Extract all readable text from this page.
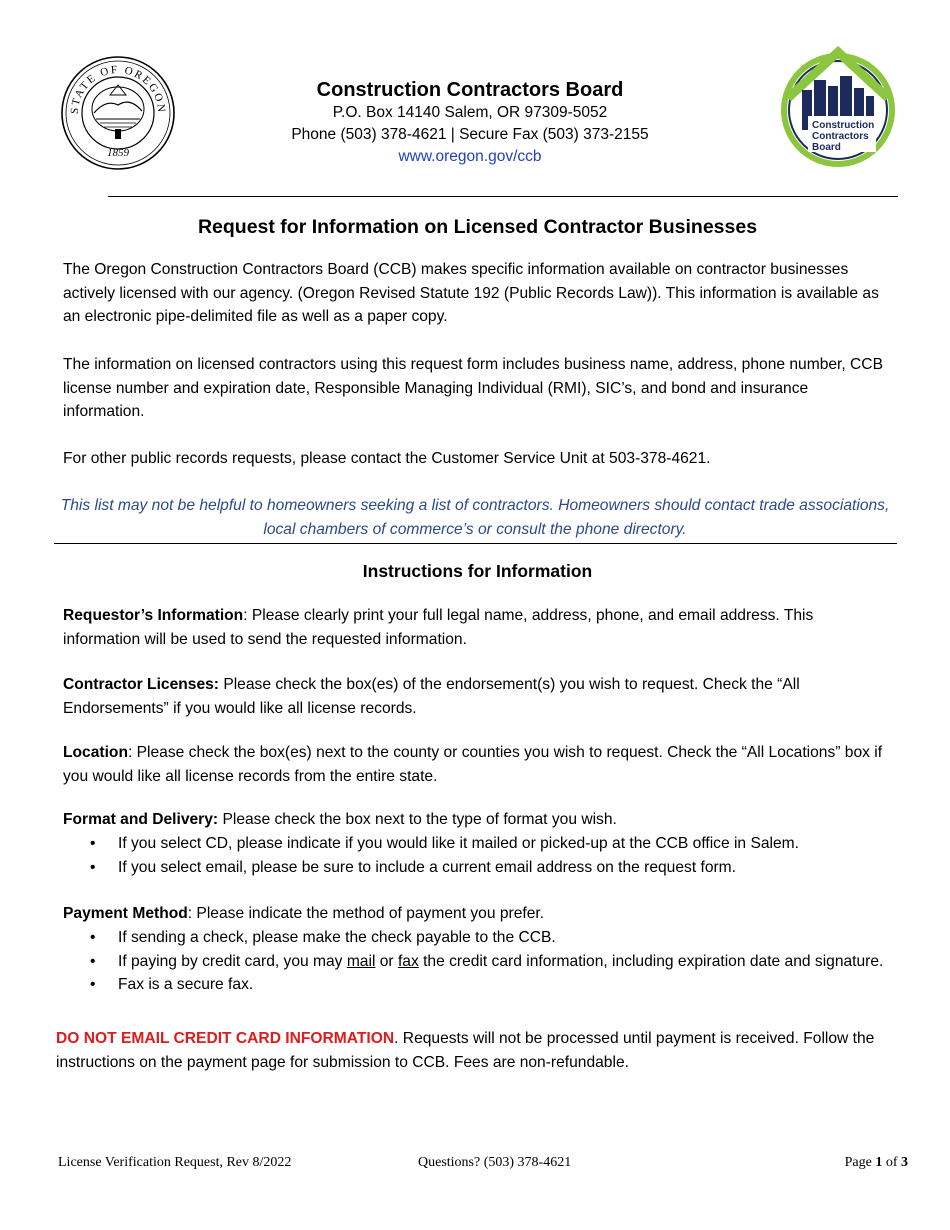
STATE OF OREGON
1859
Construction Contractors Board
P.O. Box 14140 Salem, OR 97309-5052
Phone (503) 378-4621 | Secure Fax (503) 373-2155
www.oregon.gov/ccb
Construction
Contractors
Board
Request for Information on Licensed Contractor Businesses

The Oregon Construction Contractors Board (CCB) makes specific information available on contractor businesses actively licensed with our agency. (Oregon Revised Statute 192 (Public Records Law)). This information is available as an electronic pipe-delimited file as well as a paper copy.

The information on licensed contractors using this request form includes business name, address, phone number, CCB license number and expiration date, Responsible Managing Individual (RMI), SIC’s, and bond and insurance information.

For other public records requests, please contact the Customer Service Unit at 503-378-4621.

This list may not be helpful to homeowners seeking a list of contractors. Homeowners should contact trade associations, local chambers of commerce’s or consult the phone directory.
Instructions for Information

Requestor’s Information: Please clearly print your full legal name, address, phone, and email address. This information will be used to send the requested information.

Contractor Licenses: Please check the box(es) of the endorsement(s) you wish to request. Check the “All Endorsements” if you would like all license records.

Location: Please check the box(es) next to the county or counties you wish to request. Check the “All Locations” box if you would like all license records from the entire state.

Format and Delivery: Please check the box next to the type of format you wish.

• If you select CD, please indicate if you would like it mailed or picked-up at the CCB office in Salem.
• If you select email, please be sure to include a current email address on the request form.

Payment Method: Please indicate the method of payment you prefer.

• If sending a check, please make the check payable to the CCB.
• If paying by credit card, you may mail or fax the credit card information, including expiration date and signature.
• Fax is a secure fax.

DO NOT EMAIL CREDIT CARD INFORMATION. Requests will not be processed until payment is received. Follow the instructions on the payment page for submission to CCB. Fees are non-refundable.

License Verification Request, Rev 8/2022	Questions? (503) 378-4621	Page 1 of 3
